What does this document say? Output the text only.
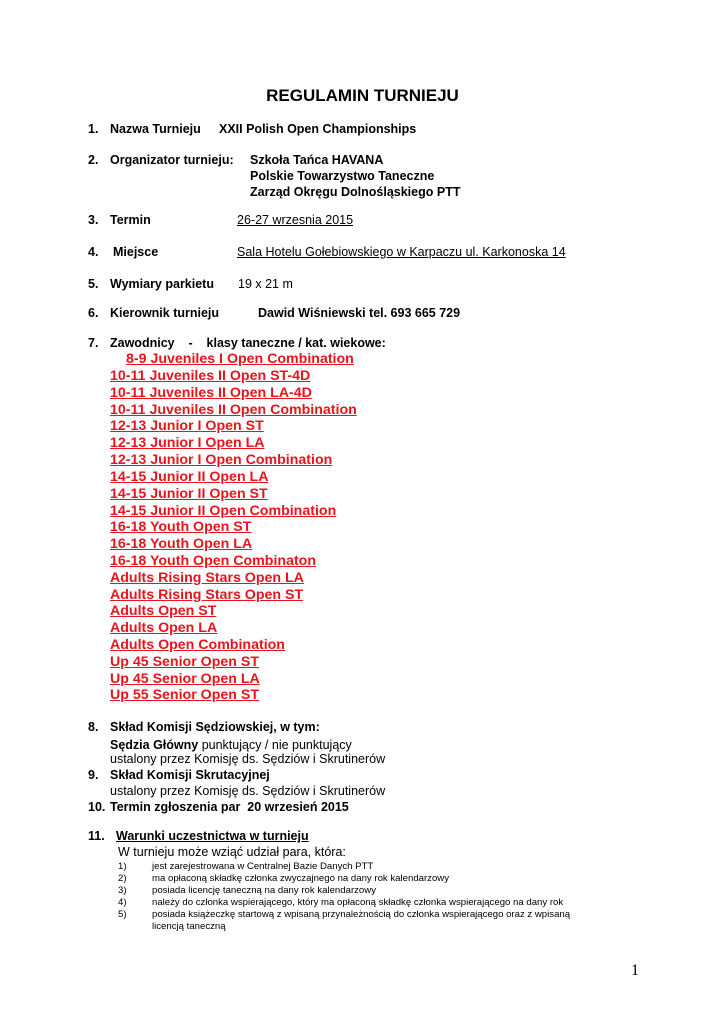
REGULAMIN TURNIEJU
1. Nazwa Turnieju XXII Polish Open Championships
2. Organizator turnieju: Szkoła Tańca HAVANA
Polskie Towarzystwo Taneczne
Zarząd Okręgu Dolnośląskiego PTT
3. Termin	26-27 wrzesnia 2015
4. Miejsce	Sala Hotelu Gołebiowskiego w Karpaczu ul. Karkonoska 14
5. Wymiary parkietu 19 x 21 m
6. Kierownik turnieju	Dawid Wiśniewski tel. 693 665 729
7. Zawodnicy    -    klasy taneczne / kat. wiekowe:
8-9 Juveniles I Open Combination
10-11 Juveniles II Open ST-4D
10-11 Juveniles II Open LA-4D
10-11 Juveniles II Open Combination
12-13 Junior I Open ST
12-13 Junior I Open LA
12-13 Junior I Open Combination
14-15 Junior II Open LA
14-15 Junior II Open ST
14-15 Junior II Open Combination
16-18 Youth Open ST
16-18 Youth Open LA
16-18 Youth Open Combinaton
Adults Rising Stars Open LA
Adults Rising Stars Open ST
Adults Open ST
Adults Open LA
Adults Open Combination
Up 45 Senior Open ST
Up 45 Senior Open LA
Up 55 Senior Open ST
8. Skład Komisji Sędziowskiej, w tym:
Sędzia Główny punktujący / nie punktujący
ustalony przez Komisję ds. Sędziów i Skrutinerów
9. Skład Komisji Skrutacyjnej
ustalony przez Komisję ds. Sędziów i Skrutinerów
10. Termin zgłoszenia par  20 wrzesień 2015
11. Warunki uczestnictwa w turnieju
W turnieju może wziąć udział para, która:
1)	jest zarejestrowana w Centralnej Bazie Danych PTT
2)	ma opłaconą składkę członka zwyczajnego na dany rok kalendarzowy
3)	posiada licencję taneczną na dany rok kalendarzowy
4)	należy do członka wspierającego, który ma opłaconą składkę członka wspierającego na dany rok
5)	posiada książeczkę startową z wpisaną przynależnością do członka wspierającego oraz z wpisaną
licencją taneczną
1
